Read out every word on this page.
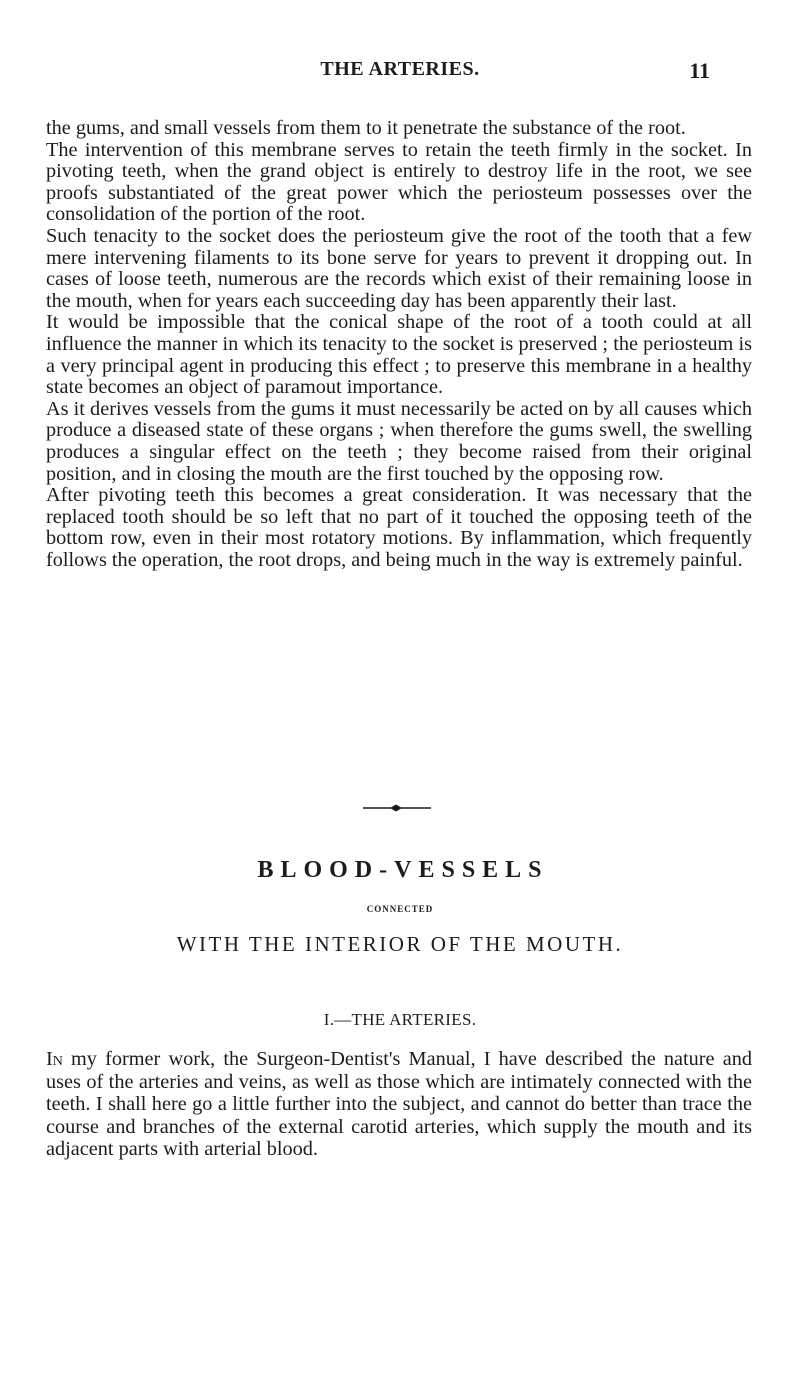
THE ARTERIES.	11

the gums, and small vessels from them to it penetrate the substance of the root.

The intervention of this membrane serves to retain the teeth firmly in the socket. In pivoting teeth, when the grand object is entirely to destroy life in the root, we see proofs substantiated of the great power which the periosteum possesses over the consolidation of the portion of the root.

Such tenacity to the socket does the periosteum give the root of the tooth that a few mere intervening filaments to its bone serve for years to prevent it dropping out. In cases of loose teeth, numerous are the records which exist of their remaining loose in the mouth, when for years each succeeding day has been apparently their last.

It would be impossible that the conical shape of the root of a tooth could at all influence the manner in which its tenacity to the socket is preserved ; the periosteum is a very principal agent in producing this effect ; to preserve this membrane in a healthy state becomes an object of paramout importance.

As it derives vessels from the gums it must necessarily be acted on by all causes which produce a diseased state of these organs ; when therefore the gums swell, the swelling produces a singular effect on the teeth ; they become raised from their original position, and in closing the mouth are the first touched by the opposing row.

After pivoting teeth this becomes a great consideration. It was necessary that the replaced tooth should be so left that no part of it touched the opposing teeth of the bottom row, even in their most rotatory motions. By inflammation, which frequently follows the operation, the root drops, and being much in the way is extremely painful.

BLOOD-VESSELS
CONNECTED
WITH THE INTERIOR OF THE MOUTH.
I.—THE ARTERIES.

In my former work, the Surgeon-Dentist's Manual, I have described the nature and uses of the arteries and veins, as well as those which are intimately connected with the teeth. I shall here go a little further into the subject, and cannot do better than trace the course and branches of the external carotid arteries, which supply the mouth and its adjacent parts with arterial blood.
